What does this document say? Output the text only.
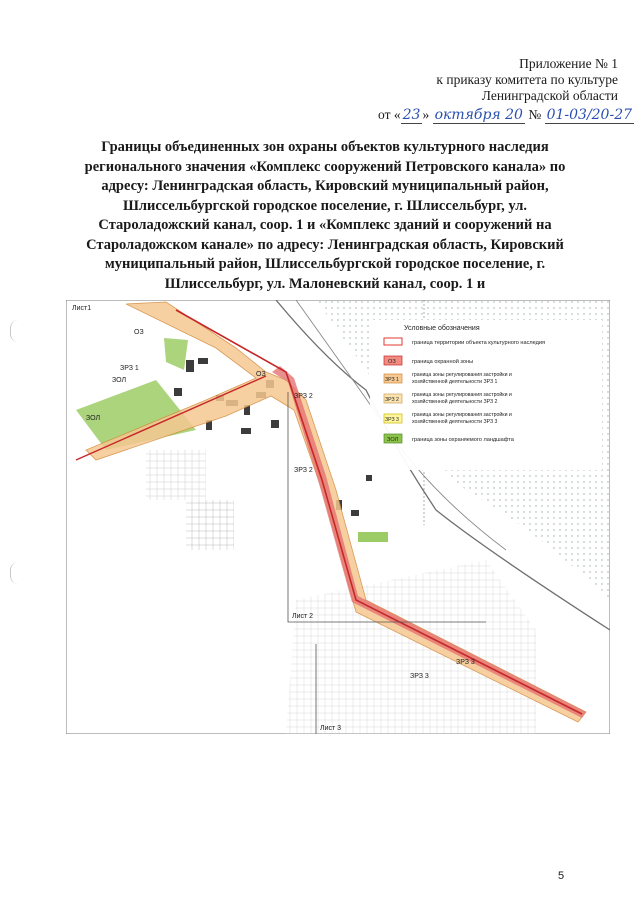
Приложение № 1
к приказу комитета по культуре
Ленинградской области
от « 23 » октября 20 № 01-03/20-27
Границы объединенных зон охраны объектов культурного наследия регионального значения «Комплекс сооружений Петровского канала» по адресу: Ленинградская область, Кировский муниципальный район, Шлиссельбургской городское поселение, г. Шлиссельбург, ул. Староладожский канал, соор. 1 и «Комплекс зданий и сооружений на Староладожском канале» по адресу: Ленинградская область, Кировский муниципальный район, Шлиссельбургской городское поселение, г. Шлиссельбург, ул. Малоневский канал, соор. 1 и
Лист1
Лист 2
Лист 3
ОЗ
ЗРЗ 1
ЗОЛ
ЗРЗ 2
ЗРЗ 2
ЗРЗ 3
ЗРЗ 3
ЗОЛ
ОЗ
Условные обозначения
граница территории объекта культурного наследия
ОЗ	граница охранной зоны
ЗРЗ 1
граница зоны регулирования застройки и
хозяйственной деятельности ЗРЗ 1
ЗРЗ 2
граница зоны регулирования застройки и
хозяйственной деятельности ЗРЗ 2
ЗРЗ 3
граница зоны регулирования застройки и
хозяйственной деятельности ЗРЗ 3
ЗОЛ граница зоны охраняемого ландшафта
5
